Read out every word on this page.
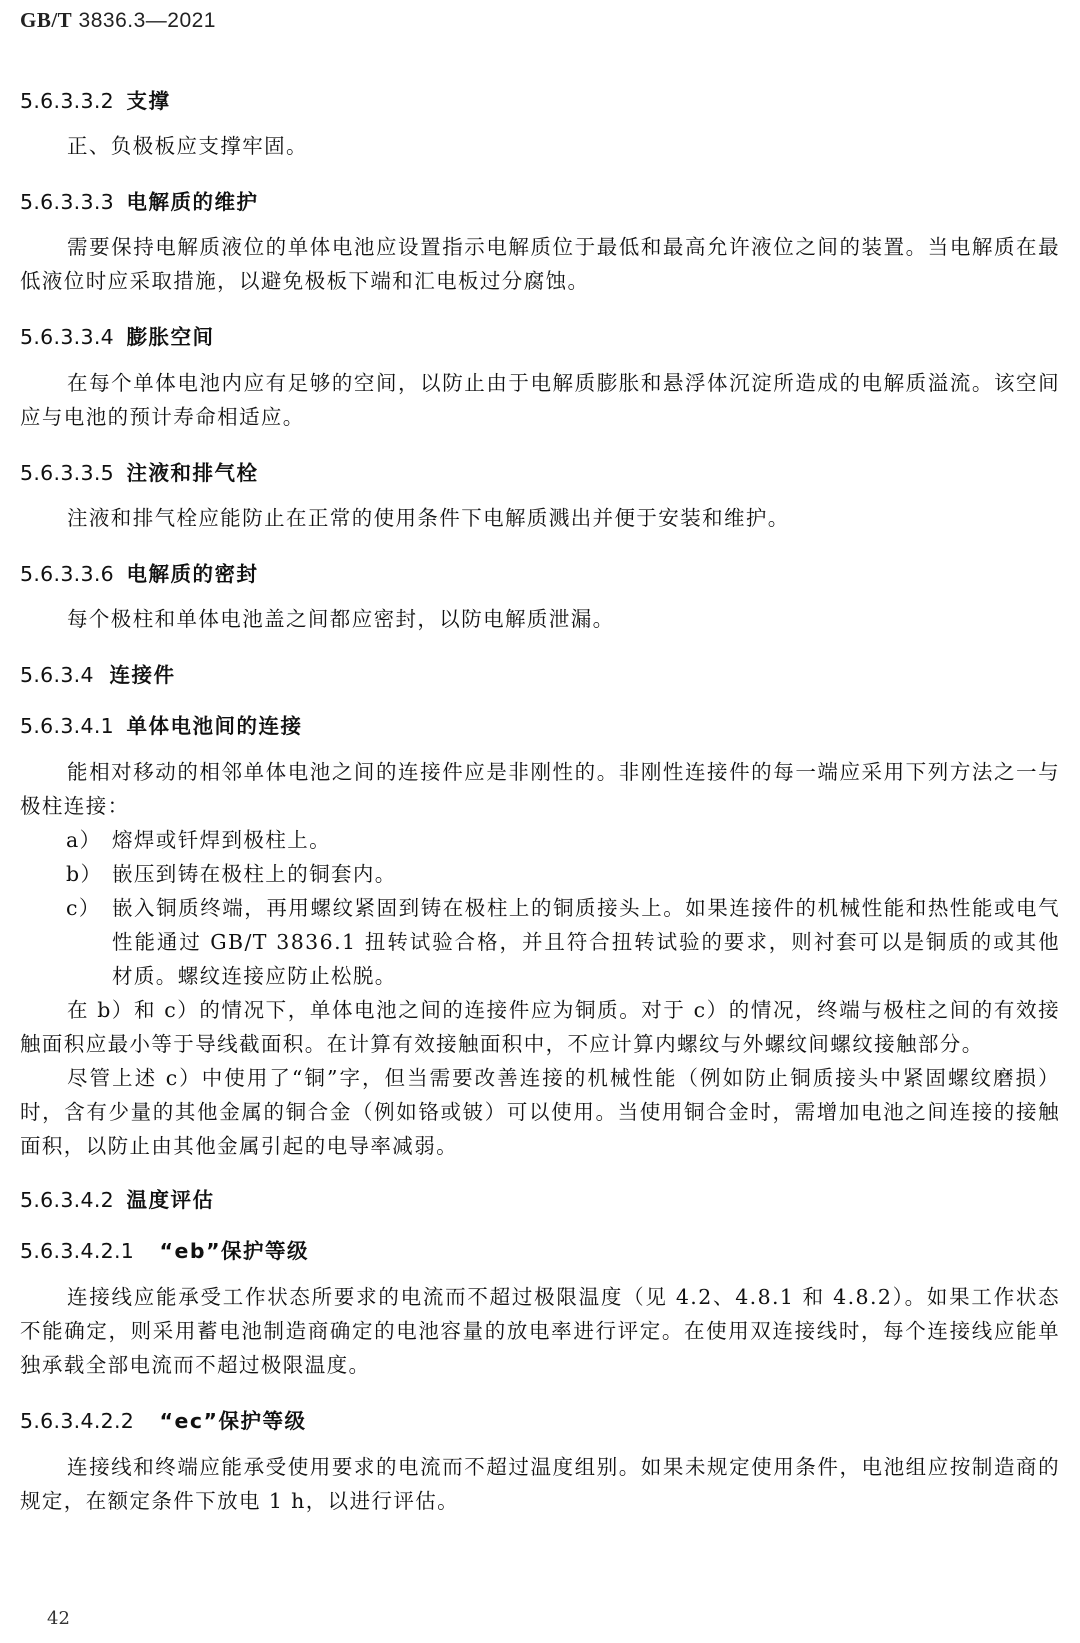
GB/T 3836.3—2021
5.6.3.3.2 支撑
正、负极板应支撑牢固。
5.6.3.3.3 电解质的维护
需要保持电解质液位的单体电池应设置指示电解质位于最低和最高允许液位之间的装置。当电解质在最低液位时应采取措施，以避免极板下端和汇电板过分腐蚀。
5.6.3.3.4 膨胀空间
在每个单体电池内应有足够的空间，以防止由于电解质膨胀和悬浮体沉淀所造成的电解质溢流。该空间应与电池的预计寿命相适应。
5.6.3.3.5 注液和排气栓
注液和排气栓应能防止在正常的使用条件下电解质溅出并便于安装和维护。
5.6.3.3.6 电解质的密封
每个极柱和单体电池盖之间都应密封，以防电解质泄漏。
5.6.3.4 连接件
5.6.3.4.1 单体电池间的连接
能相对移动的相邻单体电池之间的连接件应是非刚性的。非刚性连接件的每一端应采用下列方法之一与极柱连接：
a） 熔焊或钎焊到极柱上。
b） 嵌压到铸在极柱上的铜套内。
c） 嵌入铜质终端，再用螺纹紧固到铸在极柱上的铜质接头上。如果连接件的机械性能和热性能或电气性能通过 GB/T 3836.1 扭转试验合格，并且符合扭转试验的要求，则衬套可以是铜质的或其他材质。螺纹连接应防止松脱。
在 b）和 c）的情况下，单体电池之间的连接件应为铜质。对于 c）的情况，终端与极柱之间的有效接触面积应最小等于导线截面积。在计算有效接触面积中，不应计算内螺纹与外螺纹间螺纹接触部分。
尽管上述 c）中使用了“铜”字，但当需要改善连接的机械性能（例如防止铜质接头中紧固螺纹磨损）时，含有少量的其他金属的铜合金（例如铬或铍）可以使用。当使用铜合金时，需增加电池之间连接的接触面积，以防止由其他金属引起的电导率减弱。
5.6.3.4.2 温度评估
5.6.3.4.2.1 “eb”保护等级
连接线应能承受工作状态所要求的电流而不超过极限温度（见 4.2、4.8.1 和 4.8.2）。如果工作状态不能确定，则采用蓄电池制造商确定的电池容量的放电率进行评定。在使用双连接线时，每个连接线应能单独承载全部电流而不超过极限温度。
5.6.3.4.2.2 “ec”保护等级
连接线和终端应能承受使用要求的电流而不超过温度组别。如果未规定使用条件，电池组应按制造商的规定，在额定条件下放电 1 h，以进行评估。
42
